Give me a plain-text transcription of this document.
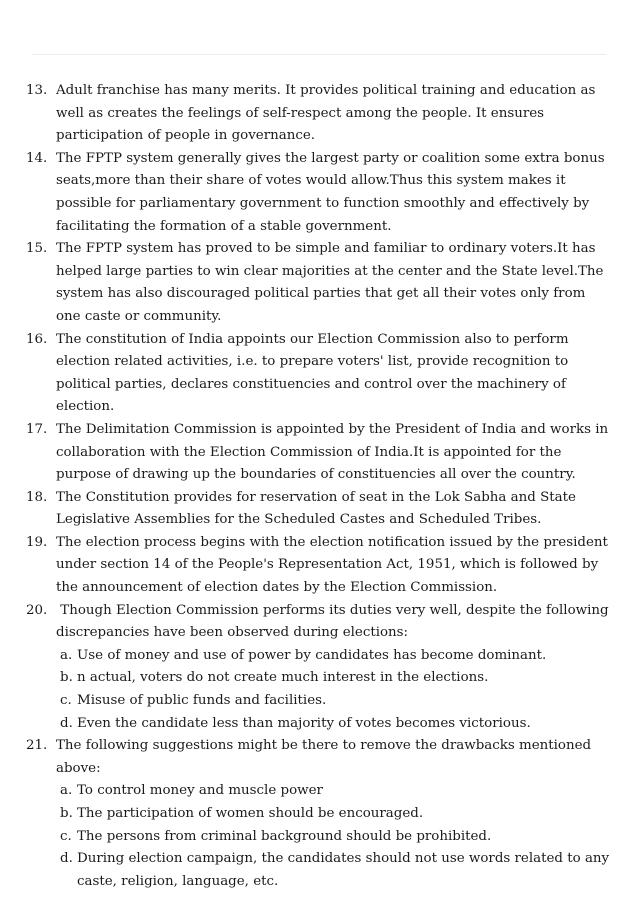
13. Adult franchise has many merits. It provides political training and education as well as creates the feelings of self-respect among the people. It ensures participation of people in governance.
14. The FPTP system generally gives the largest party or coalition some extra bonus seats,more than their share of votes would allow.Thus this system makes it possible for parliamentary government to function smoothly and effectively by facilitating the formation of a stable government.
15. The FPTP system has proved to be simple and familiar to ordinary voters.It has helped large parties to win clear majorities at the center and the State level.The system has also discouraged political parties that get all their votes only from one caste or community.
16. The constitution of India appoints our Election Commission also to perform election related activities, i.e. to prepare voters' list, provide recognition to political parties, declares constituencies and control over the machinery of election.
17. The Delimitation Commission is appointed by the President of India and works in collaboration with the Election Commission of India.It is appointed for the purpose of drawing up the boundaries of constituencies all over the country.
18. The Constitution provides for reservation of seat in the Lok Sabha and State Legislative Assemblies for the Scheduled Castes and Scheduled Tribes.
19. The election process begins with the election notification issued by the president under section 14 of the People's Representation Act, 1951, which is followed by the announcement of election dates by the Election Commission.
20. Though Election Commission performs its duties very well, despite the following discrepancies have been observed during elections:
a. Use of money and use of power by candidates has become dominant.
b. n actual, voters do not create much interest in the elections.
c. Misuse of public funds and facilities.
d. Even the candidate less than majority of votes becomes victorious.
21. The following suggestions might be there to remove the drawbacks mentioned above:
a. To control money and muscle power
b. The participation of women should be encouraged.
c. The persons from criminal background should be prohibited.
d. During election campaign, the candidates should not use words related to any caste, religion, language, etc.
